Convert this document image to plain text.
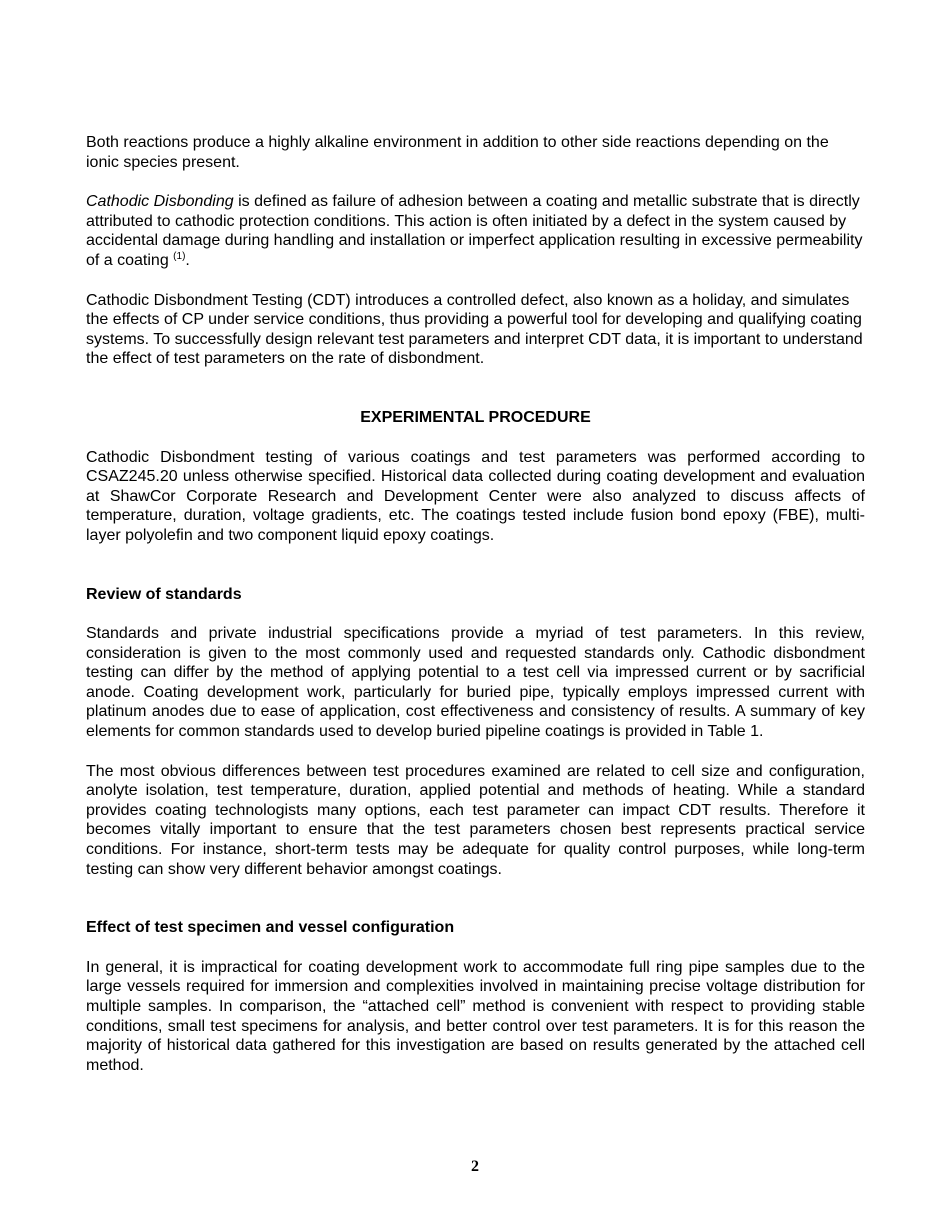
Both reactions produce a highly alkaline environment in addition to other side reactions depending on the ionic species present.

Cathodic Disbonding is defined as failure of adhesion between a coating and metallic substrate that is directly attributed to cathodic protection conditions. This action is often initiated by a defect in the system caused by accidental damage during handling and installation or imperfect application resulting in excessive permeability of a coating $^{(1)}$.

Cathodic Disbondment Testing (CDT) introduces a controlled defect, also known as a holiday, and simulates the effects of CP under service conditions, thus providing a powerful tool for developing and qualifying coating systems. To successfully design relevant test parameters and interpret CDT data, it is important to understand the effect of test parameters on the rate of disbondment.

EXPERIMENTAL PROCEDURE

Cathodic Disbondment testing of various coatings and test parameters was performed according to CSAZ245.20 unless otherwise specified. Historical data collected during coating development and evaluation at ShawCor Corporate Research and Development Center were also analyzed to discuss affects of temperature, duration, voltage gradients, etc. The coatings tested include fusion bond epoxy (FBE), multi-layer polyolefin and two component liquid epoxy coatings.

Review of standards

Standards and private industrial specifications provide a myriad of test parameters. In this review, consideration is given to the most commonly used and requested standards only. Cathodic disbondment testing can differ by the method of applying potential to a test cell via impressed current or by sacrificial anode. Coating development work, particularly for buried pipe, typically employs impressed current with platinum anodes due to ease of application, cost effectiveness and consistency of results. A summary of key elements for common standards used to develop buried pipeline coatings is provided in Table 1.

The most obvious differences between test procedures examined are related to cell size and configuration, anolyte isolation, test temperature, duration, applied potential and methods of heating. While a standard provides coating technologists many options, each test parameter can impact CDT results. Therefore it becomes vitally important to ensure that the test parameters chosen best represents practical service conditions. For instance, short-term tests may be adequate for quality control purposes, while long-term testing can show very different behavior amongst coatings.

Effect of test specimen and vessel configuration

In general, it is impractical for coating development work to accommodate full ring pipe samples due to the large vessels required for immersion and complexities involved in maintaining precise voltage distribution for multiple samples. In comparison, the “attached cell” method is convenient with respect to providing stable conditions, small test specimens for analysis, and better control over test parameters. It is for this reason the majority of historical data gathered for this investigation are based on results generated by the attached cell method.

2
